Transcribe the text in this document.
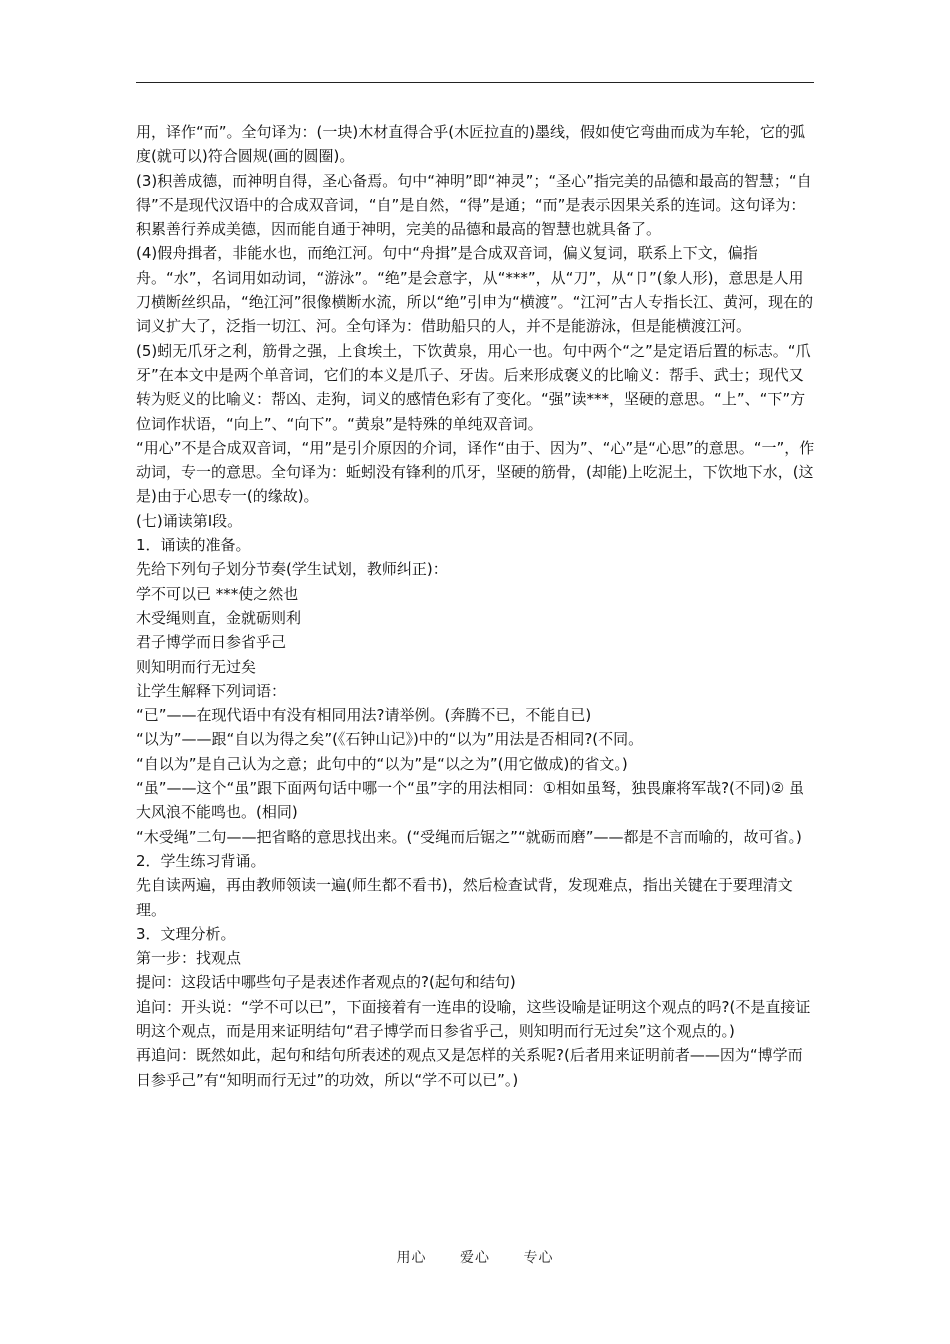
用，译作“而”。全句译为：(一块)木材直得合乎(木匠拉直的)墨线，假如使它弯曲而成为车轮，它的弧度(就可以)符合圆规(画的圆圈)。

(3)积善成德，而神明自得，圣心备焉。句中“神明”即“神灵”；“圣心”指完美的品德和最高的智慧；“自得”不是现代汉语中的合成双音词，“自”是自然，“得”是通；“而”是表示因果关系的连词。这句译为：积累善行养成美德，因而能自通于神明，完美的品德和最高的智慧也就具备了。

(4)假舟揖者，非能水也，而绝江河。句中“舟揖”是合成双音词，偏义复词，联系上下文，偏指舟。“水”，名词用如动词，“游泳”。“绝”是会意字，从“***”，从“刀”，从“卩”(象人形)，意思是人用刀横断丝织品，“绝江河”很像横断水流，所以“绝”引申为“横渡”。“江河”古人专指长江、黄河，现在的词义扩大了，泛指一切江、河。全句译为：借助船只的人，并不是能游泳，但是能横渡江河。

(5)蚓无爪牙之利，筋骨之强，上食埃土，下饮黄泉，用心一也。句中两个“之”是定语后置的标志。“爪牙”在本文中是两个单音词，它们的本义是爪子、牙齿。后来形成褒义的比喻义：帮手、武士；现代又转为贬义的比喻义：帮凶、走狗，词义的感情色彩有了变化。“强”读***，坚硬的意思。“上”、“下”方位词作状语，“向上”、“向下”。“黄泉”是特殊的单纯双音词。

“用心”不是合成双音词，“用”是引介原因的介词，译作“由于、因为”、“心”是“心思”的意思。“一”，作动词，专一的意思。全句译为：蚯蚓没有锋利的爪牙，坚硬的筋骨，(却能)上吃泥土，下饮地下水，(这是)由于心思专一(的缘故)。

(七)诵读第Ⅰ段。

1．诵读的准备。

先给下列句子划分节奏(学生试划，教师纠正)：

学不可以已 ***使之然也

木受绳则直，金就砺则利

君子博学而日参省乎己

则知明而行无过矣

让学生解释下列词语：

“已”——在现代语中有没有相同用法?请举例。(奔腾不已，不能自已)

“以为”——跟“自以为得之矣”(《石钟山记》)中的“以为”用法是否相同?(不同。

“自以为”是自己认为之意；此句中的“以为”是“以之为”(用它做成)的省文。)

“虽”——这个“虽”跟下面两句话中哪一个“虽”字的用法相同：①相如虽驽，独畏廉将军哉?(不同)② 虽大风浪不能鸣也。(相同)

“木受绳”二句——把省略的意思找出来。(“受绳而后锯之”“就砺而磨”——都是不言而喻的，故可省。)

2．学生练习背诵。

先自读两遍，再由教师领读一遍(师生都不看书)，然后检查试背，发现难点，指出关键在于要理清文理。

3．文理分析。

第一步：找观点

提问：这段话中哪些句子是表述作者观点的?(起句和结句)

追问：开头说：“学不可以已”，下面接着有一连串的设喻，这些设喻是证明这个观点的吗?(不是直接证明这个观点，而是用来证明结句“君子博学而日参省乎己，则知明而行无过矣”这个观点的。)

再追问：既然如此，起句和结句所表述的观点又是怎样的关系呢?(后者用来证明前者——因为“博学而日参乎己”有“知明而行无过”的功效，所以“学不可以已”。)

用心 爱心 专心
